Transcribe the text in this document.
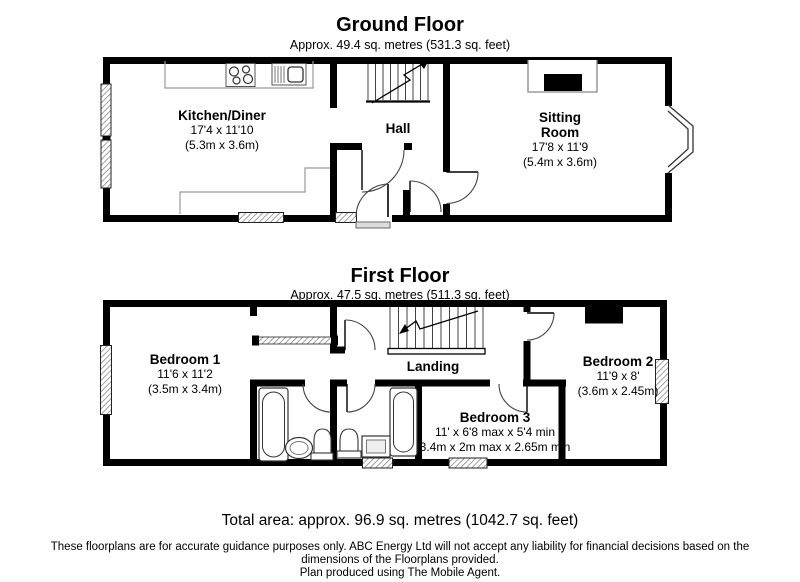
Ground Floor
Approx. 49.4 sq. metres (531.3 sq. feet)
Kitchen/Diner
17'4 x 11'10
(5.3m x 3.6m)
Hall
Sitting Room
17'8 x 11'9
(5.4m x 3.6m)
First Floor
Approx. 47.5 sq. metres (511.3 sq. feet)
Bedroom 1
11'6 x 11'2
(3.5m x 3.4m)
Landing	Bedroom 2
11'9 x 8'
(3.6m x 2.45m)
Bedroom 3
11' x 6'8 max x 5'4 min
3.4m x 2m max x 2.65m min
Total area: approx. 96.9 sq. metres (1042.7 sq. feet)
These floorplans are for accurate guidance purposes only. ABC Energy Ltd will not accept any liability for financial decisions based on the
dimensions of the Floorplans provided.
Plan produced using The Mobile Agent.
